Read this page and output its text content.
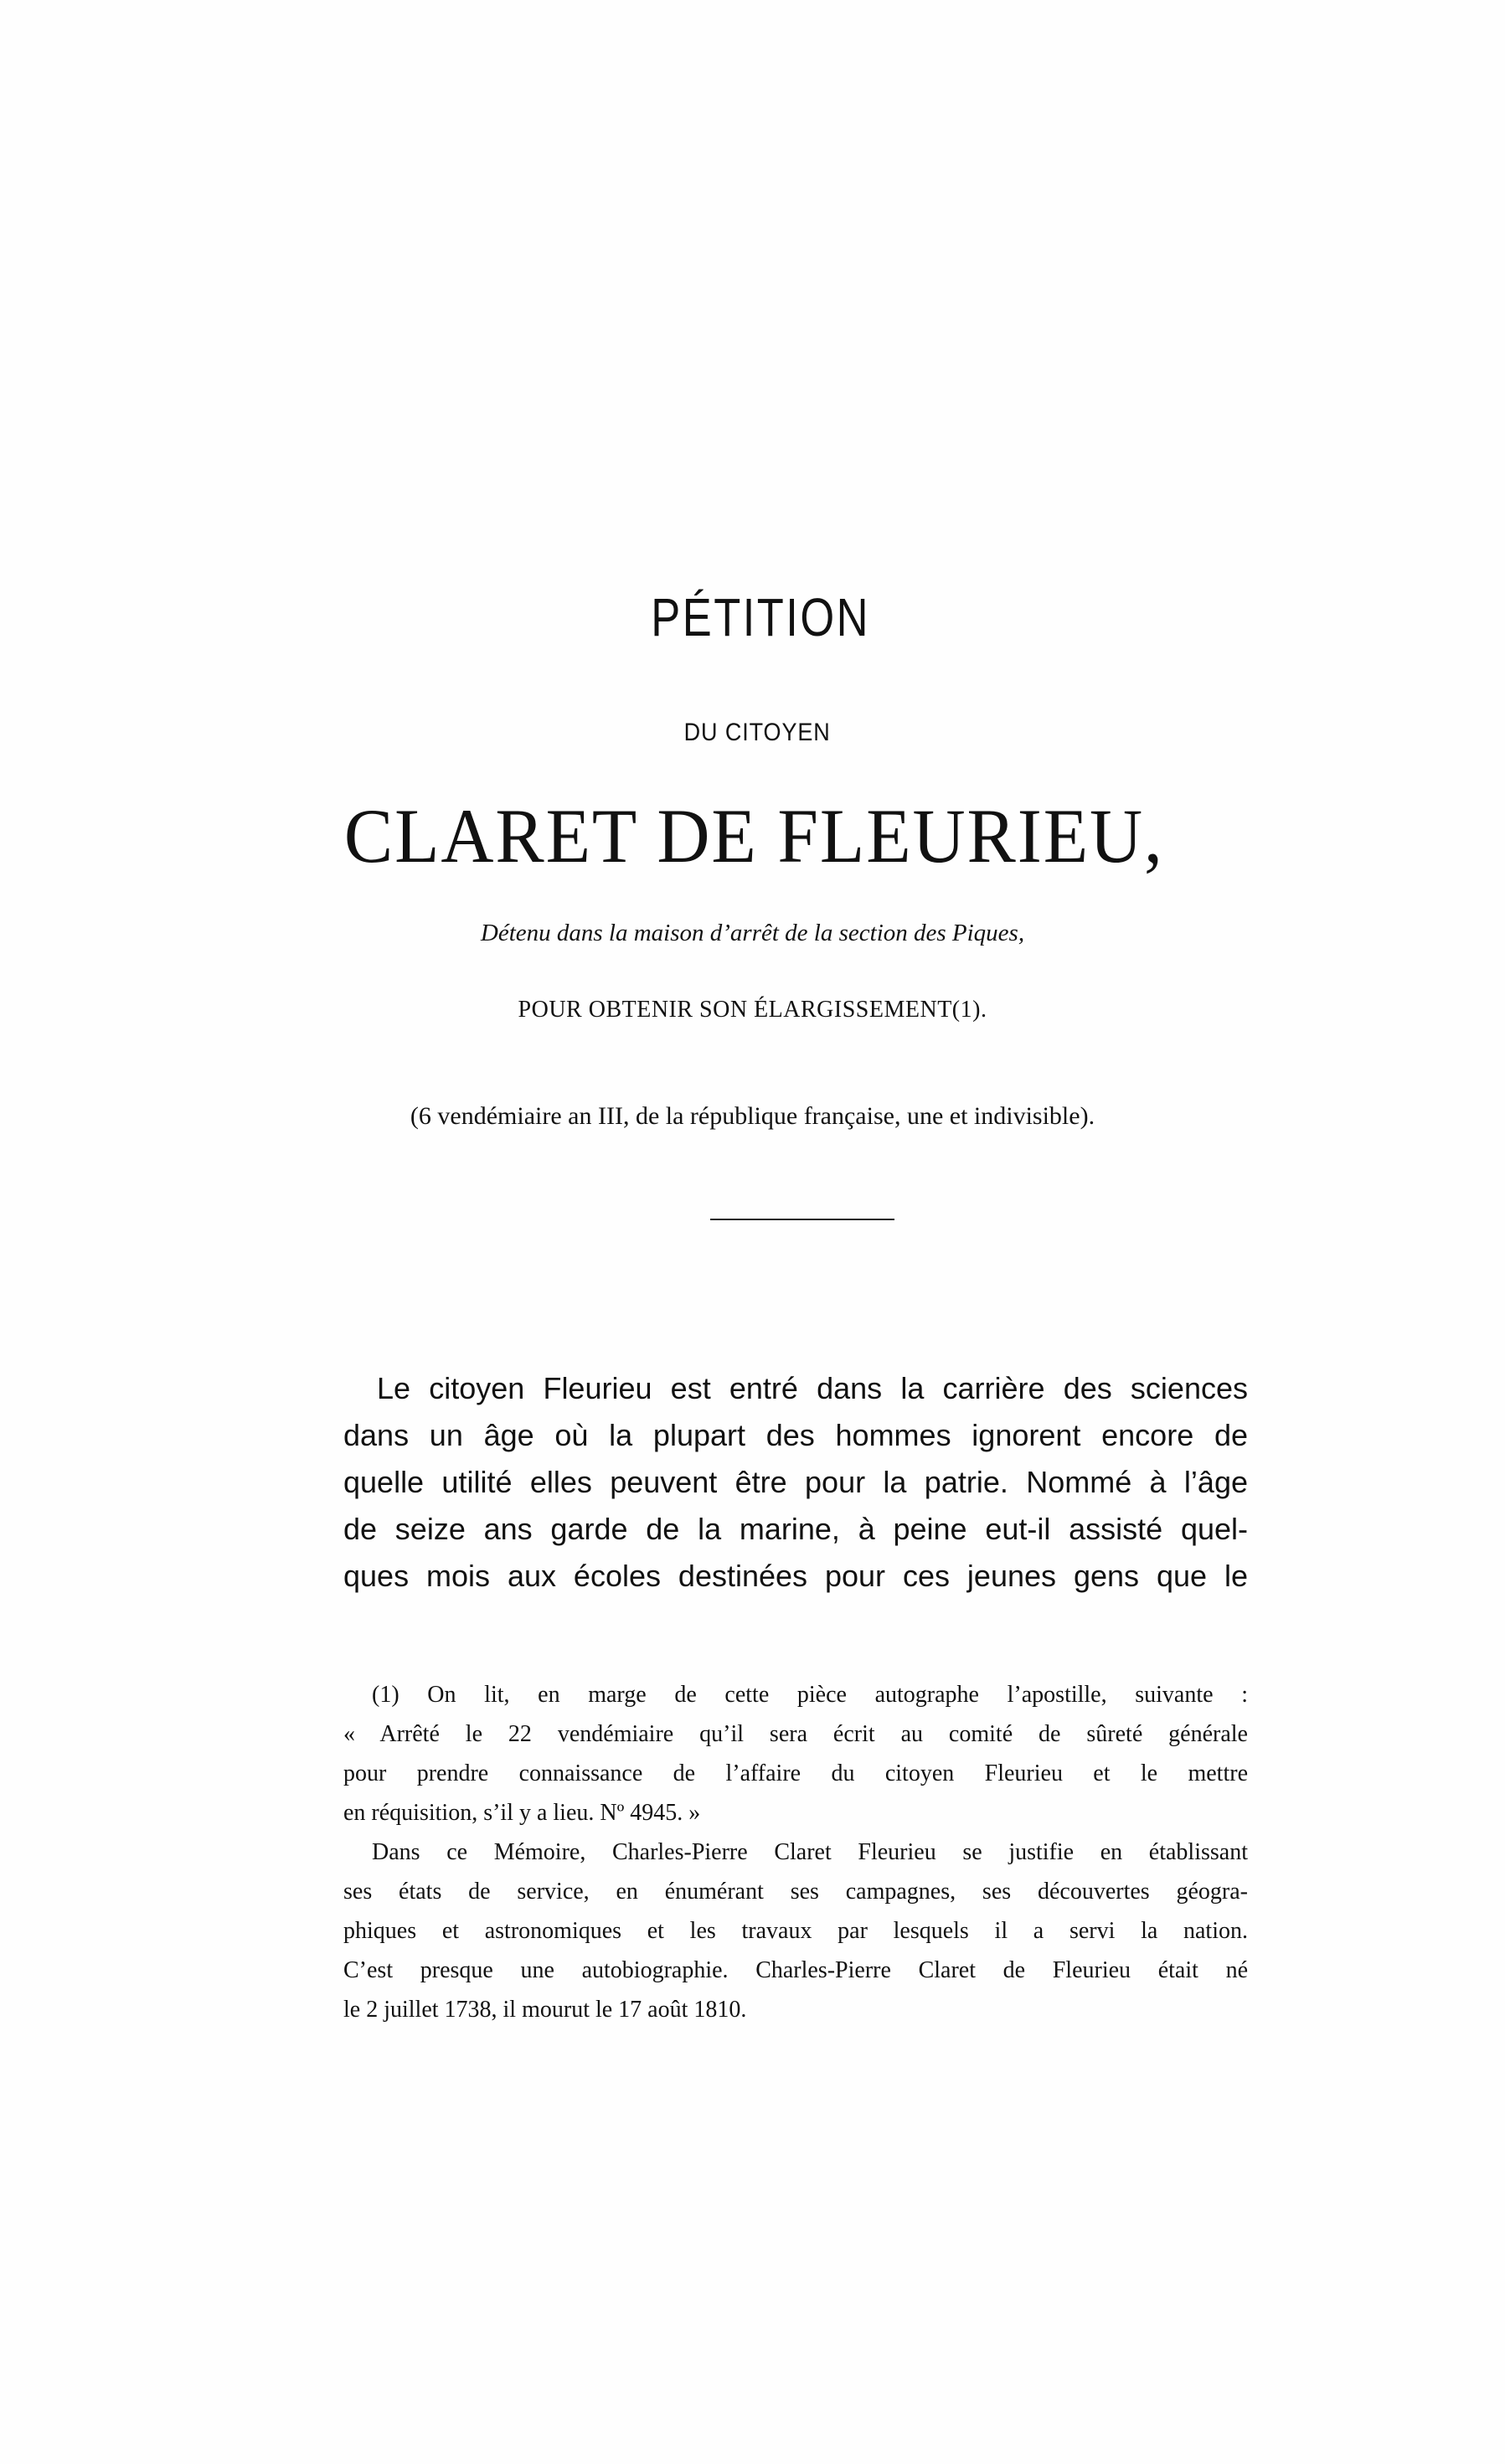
PÉTITION
DU CITOYEN
CLARET DE FLEURIEU,
Détenu dans la maison d’arrêt de la section des Piques,
POUR OBTENIR SON ÉLARGISSEMENT(1).
(6 vendémiaire an III, de la république française, une et indivisible).
Le citoyen Fleurieu est entré dans la carrière des sciences
dans un âge où la plupart des hommes ignorent encore de
quelle utilité elles peuvent être pour la patrie. Nommé à l’âge
de seize ans garde de la marine, à peine eut-il assisté quel-
ques mois aux écoles destinées pour ces jeunes gens que le
(1) On lit, en marge de cette pièce autographe l’apostille, suivante :
« Arrêté le 22 vendémiaire qu’il sera écrit au comité de sûreté générale
pour prendre connaissance de l’affaire du citoyen Fleurieu et le mettre
en réquisition, s’il y a lieu. Nº 4945. »
Dans ce Mémoire, Charles-Pierre Claret Fleurieu se justifie en établissant
ses états de service, en énumérant ses campagnes, ses découvertes géogra-
phiques et astronomiques et les travaux par lesquels il a servi la nation.
C’est presque une autobiographie. Charles-Pierre Claret de Fleurieu était né
le 2 juillet 1738, il mourut le 17 août 1810.
